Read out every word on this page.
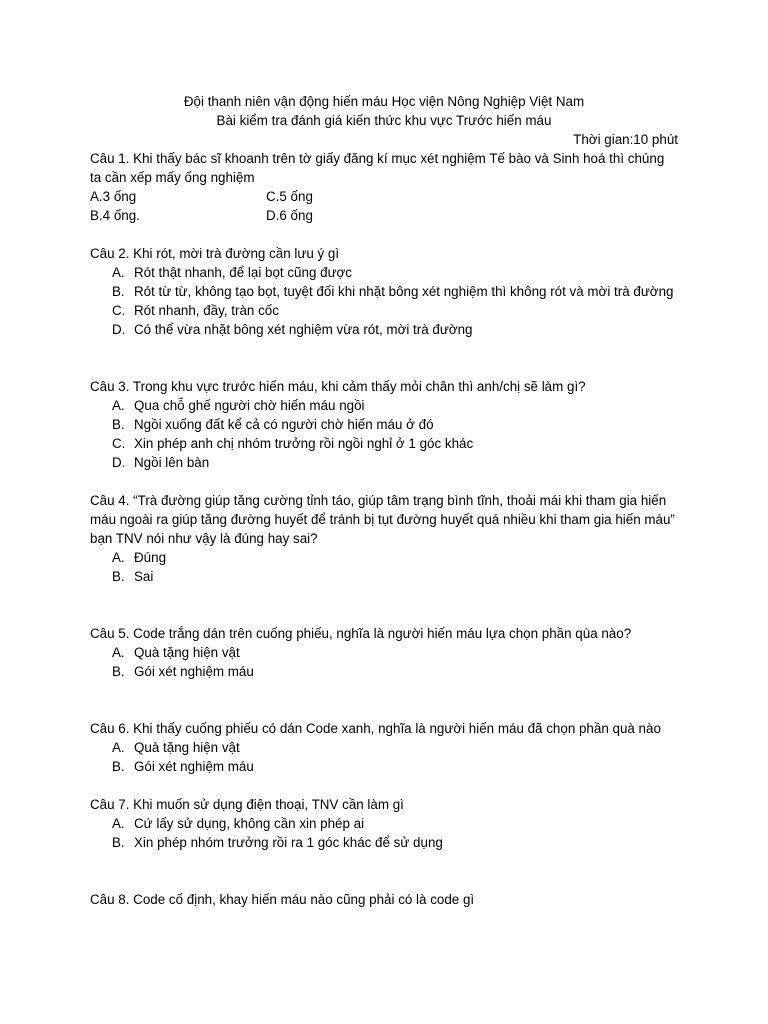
Đội thanh niên vận động hiến máu Học viện Nông Nghiệp Việt Nam
Bài kiểm tra đánh giá kiến thức khu vực Trước hiến máu
Thời gian:10 phút
Câu 1. Khi thấy bác sĩ khoanh trên tờ giấy đăng kí mục xét nghiệm Tế bào và Sinh hoá thì chúng ta cần xếp mấy ống nghiệm
A.3 ống	C.5 ống
B.4 ống.	D.6 ống
Câu 2. Khi rót, mời trà đường cần lưu ý gì
A. Rót thật nhanh, để lại bọt cũng được
B. Rót từ từ, không tạo bọt, tuyệt đối khi nhặt bông xét nghiệm thì không rót và mời trà đường
C. Rót nhanh, đầy, tràn cốc
D. Có thể vừa nhặt bông xét nghiệm vừa rót, mời trà đường
Câu 3. Trong khu vực trước hiến máu, khi cảm thấy mỏi chân thì anh/chị sẽ làm gì?
A. Qua chỗ ghế người chờ hiến máu ngồi
B. Ngồi xuống đất kể cả có người chờ hiến máu ở đó
C. Xin phép anh chị nhóm trưởng rồi ngồi nghỉ ở 1 góc khác
D. Ngồi lên bàn
Câu 4. “Trà đường giúp tăng cường tỉnh táo, giúp tâm trạng bình tĩnh, thoải mái khi tham gia hiến máu ngoài ra giúp tăng đường huyết để tránh bị tụt đường huyết quá nhiều khi tham gia hiến máu” bạn TNV nói như vậy là đúng hay sai?
A. Đúng
B. Sai
Câu 5. Code trắng dán trên cuống phiếu, nghĩa là người hiến máu lựa chọn phần qùa nào?
A. Quà tặng hiện vật
B. Gói xét nghiệm máu
Câu 6. Khi thấy cuống phiếu có dán Code xanh, nghĩa là người hiến máu đã chọn phần quà nào
A. Quà tặng hiện vật
B. Gói xét nghiệm máu
Câu 7. Khi muốn sử dụng điện thoại, TNV cần làm gì
A. Cứ lấy sử dụng, không cần xin phép ai
B. Xin phép nhóm trưởng rồi ra 1 góc khác để sử dụng
Câu 8. Code cố định, khay hiến máu nào cũng phải có là code gì
